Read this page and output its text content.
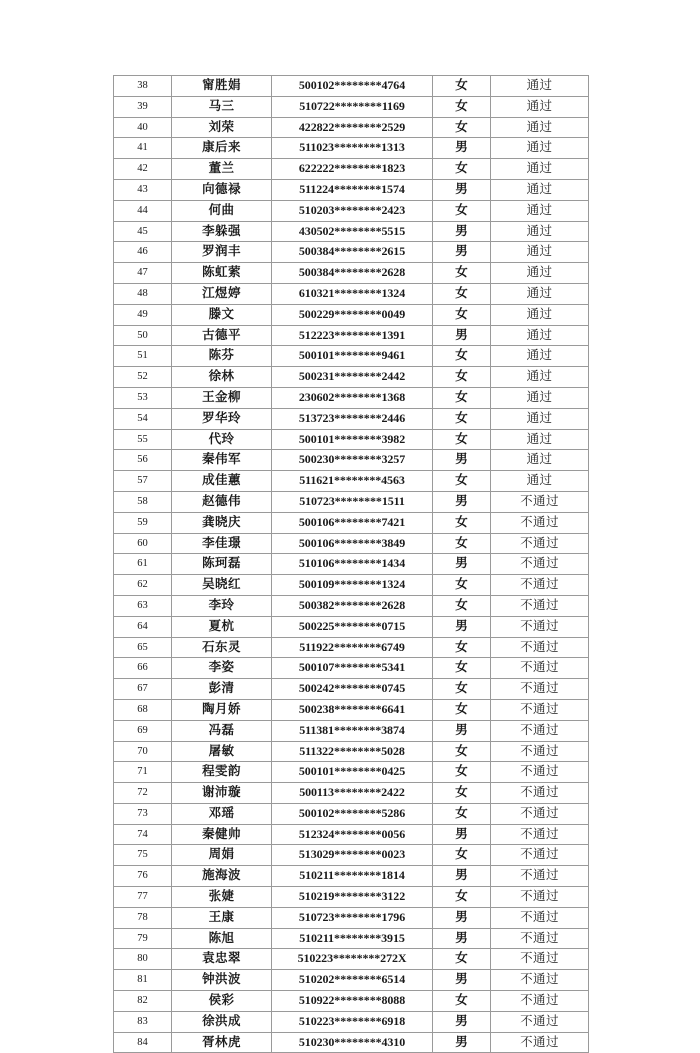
38	甯胜娟	500102********4764	女	通过
39	马三	510722********1169	女	通过
40	刘荣	422822********2529	女	通过
41	康后来	511023********1313	男	通过
42	董兰	622222********1823	女	通过
43	向德禄	511224********1574	男	通过
44	何曲	510203********2423	女	通过
45	李躲强	430502********5515	男	通过
46	罗润丰	500384********2615	男	通过
47	陈虹萦	500384********2628	女	通过
48	江煜婷	610321********1324	女	通过
49	滕文	500229********0049	女	通过
50	古德平	512223********1391	男	通过
51	陈芬	500101********9461	女	通过
52	徐林	500231********2442	女	通过
53	王金柳	230602********1368	女	通过
54	罗华玲	513723********2446	女	通过
55	代玲	500101********3982	女	通过
56	秦伟军	500230********3257	男	通过
57	成佳蕙	511621********4563	女	通过
58	赵德伟	510723********1511	男	不通过
59	龚晓庆	500106********7421	女	不通过
60	李佳璟	500106********3849	女	不通过
61	陈珂磊	510106********1434	男	不通过
62	吴晓红	500109********1324	女	不通过
63	李玲	500382********2628	女	不通过
64	夏杭	500225********0715	男	不通过
65	石东灵	511922********6749	女	不通过
66	李姿	500107********5341	女	不通过
67	彭清	500242********0745	女	不通过
68	陶月娇	500238********6641	女	不通过
69	冯磊	511381********3874	男	不通过
70	屠敏	511322********5028	女	不通过
71	程雯韵	500101********0425	女	不通过
72	谢沛璇	500113********2422	女	不通过
73	邓瑶	500102********5286	女	不通过
74	秦健帅	512324********0056	男	不通过
75	周娟	513029********0023	女	不通过
76	施海波	510211********1814	男	不通过
77	张婕	510219********3122	女	不通过
78	王康	510723********1796	男	不通过
79	陈旭	510211********3915	男	不通过
80	袁忠翠	510223********272X	女	不通过
81	钟洪波	510202********6514	男	不通过
82	侯彩	510922********8088	女	不通过
83	徐洪成	510223********6918	男	不通过
84	胥林虎	510230********4310	男	不通过
